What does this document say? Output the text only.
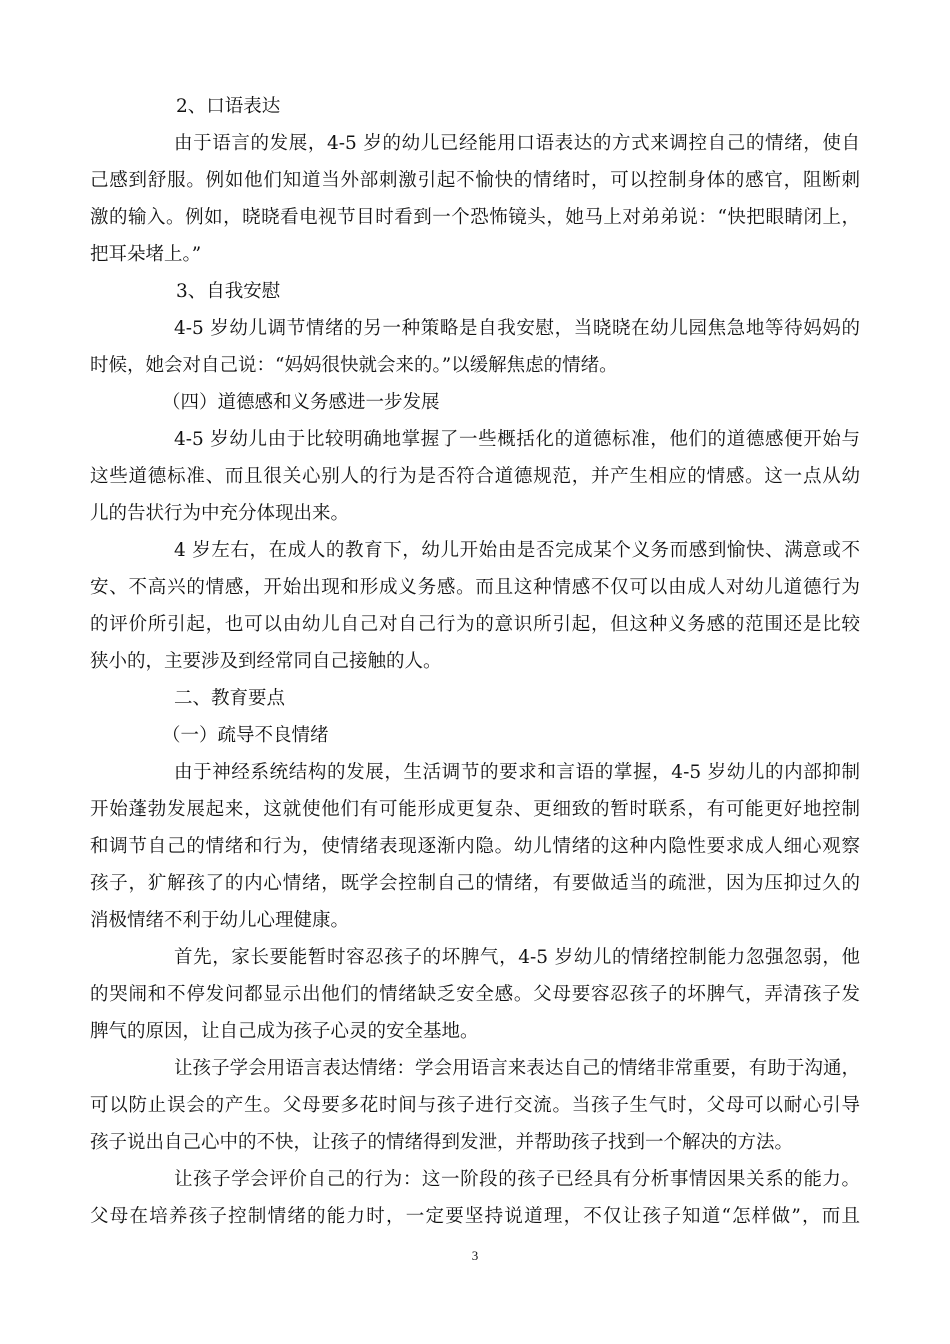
2、口语表达
由于语言的发展，4-5 岁的幼儿已经能用口语表达的方式来调控自己的情绪，使自
己感到舒服。例如他们知道当外部刺激引起不愉快的情绪时，可以控制身体的感官，阻断刺
激的输入。例如，晓晓看电视节目时看到一个恐怖镜头，她马上对弟弟说：“快把眼睛闭上，
把耳朵堵上。”
3、自我安慰
4-5 岁幼儿调节情绪的另一种策略是自我安慰，当晓晓在幼儿园焦急地等待妈妈的
时候，她会对自己说：“妈妈很快就会来的。”以缓解焦虑的情绪。
（四）道德感和义务感进一步发展
4-5 岁幼儿由于比较明确地掌握了一些概括化的道德标准，他们的道德感便开始与
这些道德标准、而且很关心别人的行为是否符合道德规范，并产生相应的情感。这一点从幼
儿的告状行为中充分体现出来。
4 岁左右，在成人的教育下，幼儿开始由是否完成某个义务而感到愉快、满意或不
安、不高兴的情感，开始出现和形成义务感。而且这种情感不仅可以由成人对幼儿道德行为
的评价所引起，也可以由幼儿自己对自己行为的意识所引起，但这种义务感的范围还是比较
狭小的，主要涉及到经常同自己接触的人。
二、教育要点
（一）疏导不良情绪
由于神经系统结构的发展，生活调节的要求和言语的掌握，4-5 岁幼儿的内部抑制
开始蓬勃发展起来，这就使他们有可能形成更复杂、更细致的暂时联系，有可能更好地控制
和调节自己的情绪和行为，使情绪表现逐渐内隐。幼儿情绪的这种内隐性要求成人细心观察
孩子，犷解孩了的内心情绪，既学会控制自己的情绪，有要做适当的疏泄，因为压抑过久的
消极情绪不利于幼儿心理健康。
首先，家长要能暂时容忍孩子的坏脾气，4-5 岁幼儿的情绪控制能力忽强忽弱，他
的哭闹和不停发问都显示出他们的情绪缺乏安全感。父母要容忍孩子的坏脾气，弄清孩子发
脾气的原因，让自己成为孩子心灵的安全基地。
让孩子学会用语言表达情绪：学会用语言来表达自己的情绪非常重要，有助于沟通，
可以防止误会的产生。父母要多花时间与孩子进行交流。当孩子生气时，父母可以耐心引导
孩子说出自己心中的不快，让孩子的情绪得到发泄，并帮助孩子找到一个解决的方法。
让孩子学会评价自己的行为：这一阶段的孩子已经具有分析事情因果关系的能力。
父母在培养孩子控制情绪的能力时，一定要坚持说道理，不仅让孩子知道“怎样做”，而且
3
